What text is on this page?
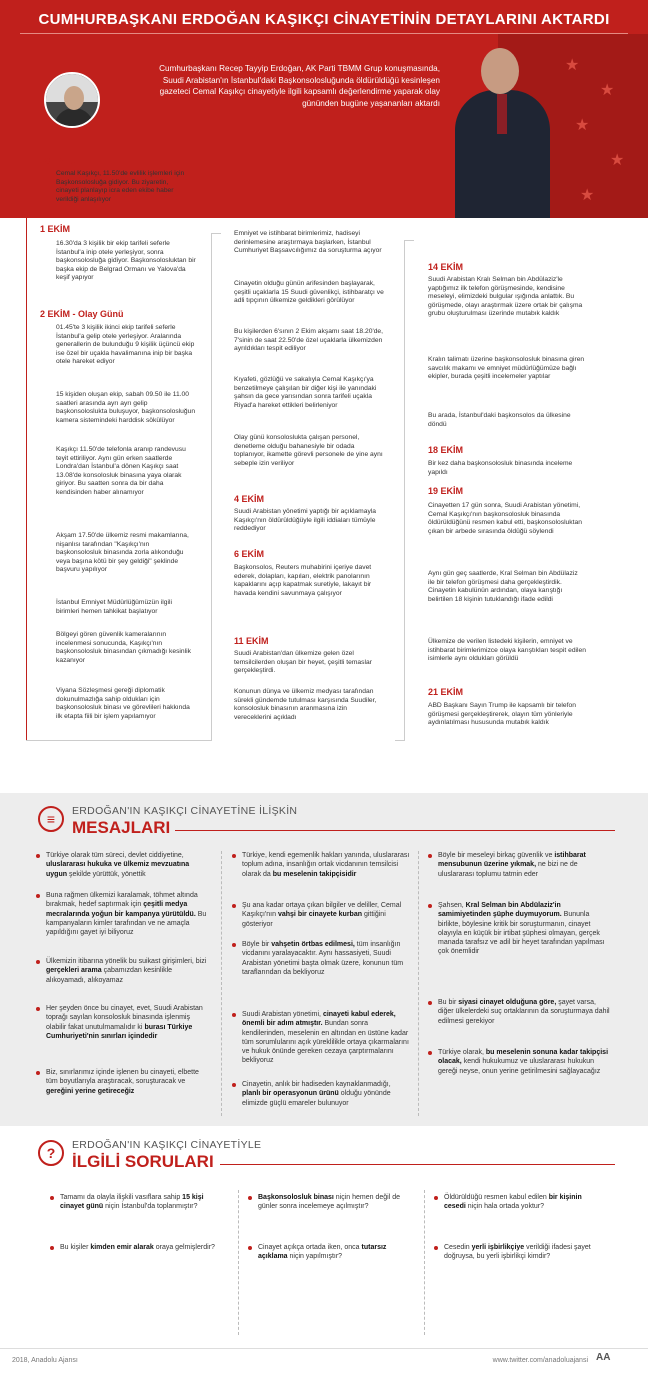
★
★
★
★
★
CUMHURBAŞKANI ERDOĞAN KAŞIKÇI CİNAYETİNİN DETAYLARINI AKTARDI
Cumhurbaşkanı Recep Tayyip Erdoğan, AK Parti TBMM Grup konuşmasında, Suudi Arabistan'ın İstanbul'daki Başkonsolosluğunda öldürüldüğü kesinleşen gazeteci Cemal Kaşıkçı cinayetiyle ilgili kapsamlı değerlendirme yaparak olay gününden bugüne yaşananları aktardı
28 EYLÜL
Cemal Kaşıkçı, 11.50'de evlilik işlemleri için Başkonsolosluğa gidiyor. Bu ziyaretin, cinayeti planlayıp icra eden ekibe haber verildiği anlaşılıyor
1 EKİM
16.30'da 3 kişilik bir ekip tarifeli seferle İstanbul'a inip otele yerleşiyor, sonra başkonsolosluğa gidiyor. Başkonsolosluktan bir başka ekip de Belgrad Ormanı ve Yalova'da keşif yapıyor
2 EKİM - Olay Günü
01.45'te 3 kişilik ikinci ekip tarifeli seferle İstanbul'a gelip otele yerleşiyor. Aralarında generallerin de bulunduğu 9 kişilik üçüncü ekip ise özel bir uçakla havalimanına inip bir başka otele hareket ediyor
15 kişiden oluşan ekip, sabah 09.50 ile 11.00 saatleri arasında ayrı ayrı gelip başkonsoloslukta buluşuyor, başkonsolosluğun kamera sistemindeki harddisk sökülüyor
Kaşıkçı 11.50'de telefonla aranıp randevusu teyit ettiriliyor. Aynı gün erken saatlerde Londra'dan İstanbul'a dönen Kaşıkçı saat 13.08'de konsolosluk binasına yaya olarak giriyor. Bu saatten sonra da bir daha kendisinden haber alınamıyor
Akşam 17.50'de ülkemiz resmi makamlarına, nişanlısı tarafından "Kaşıkçı'nın başkonsolosluk binasında zorla alıkonduğu veya başına kötü bir şey geldiği" şeklinde başvuru yapılıyor
İstanbul Emniyet Müdürlüğümüzün ilgili birimleri hemen tahkikat başlatıyor
Bölgeyi gören güvenlik kameralarının incelenmesi sonucunda, Kaşıkçı'nın başkonsolosluk binasından çıkmadığı kesinlik kazanıyor
Viyana Sözleşmesi gereği diplomatik dokunulmazlığa sahip oldukları için başkonsolosluk binası ve görevlileri hakkında ilk etapta fiili bir işlem yapılamıyor
Emniyet ve istihbarat birimlerimiz, hadiseyi derinlemesine araştırmaya başlarken, İstanbul Cumhuriyet Başsavcılığımız da soruşturma açıyor
Cinayetin olduğu günün arifesinden başlayarak, çeşitli uçaklarla 15 Suudi güvenlikçi, istihbaratçı ve adli tıpçının ülkemize geldikleri görülüyor
Bu kişilerden 6'sının 2 Ekim akşamı saat 18.20'de, 7'sinin de saat 22.50'de özel uçaklarla ülkemizden ayrıldıkları tespit ediliyor
Kıyafeti, gözlüğü ve sakalıyla Cemal Kaşıkçı'ya benzetilmeye çalışılan bir diğer kişi ile yanındaki şahsın da gece yarısından sonra tarifeli uçakla Riyad'a hareket ettikleri belirleniyor
Olay günü konsoloslukta çalışan personel, denetleme olduğu bahanesiyle bir odada toplanıyor, ikamette görevli personele de yine aynı sebeple izin veriliyor
4 EKİM
Suudi Arabistan yönetimi yaptığı bir açıklamayla Kaşıkçı'nın öldürüldüğüyle ilgili iddiaları tümüyle reddediyor
6 EKİM
Başkonsolos, Reuters muhabirini içeriye davet ederek, dolapları, kapıları, elektrik panolarının kapaklarını açıp kapatmak suretiyle, lakayıt bir havada kendini savunmaya çalışıyor
11 EKİM
Suudi Arabistan'dan ülkemize gelen özel temsilcilerden oluşan bir heyet, çeşitli temaslar gerçekleştirdi.
Konunun dünya ve ülkemiz medyası tarafından sürekli gündemde tutulması karşısında Suudiler, konsolosluk binasının aranmasına izin vereceklerini açıkladı
14 EKİM
Suudi Arabistan Kralı Selman bin Abdülaziz'le yaptığımız ilk telefon görüşmesinde, kendisine meseleyi, elimizdeki bulgular ışığında anlattık. Bu görüşmede, olayı araştırmak üzere ortak bir çalışma grubu oluşturulması üzerinde mutabık kaldık
Kralın talimatı üzerine başkonsolosluk binasına giren savcılık makamı ve emniyet müdürlüğümüze bağlı ekipler, burada çeşitli incelemeler yaptılar
Bu arada, İstanbul'daki başkonsolos da ülkesine döndü
18 EKİM
Bir kez daha başkonsolosluk binasında inceleme yapıldı
19 EKİM
Cinayetten 17 gün sonra, Suudi Arabistan yönetimi, Cemal Kaşıkçı'nın başkonsolosluk binasında öldürüldüğünü resmen kabul etti, başkonsolosluktan çıkan bir arbede sırasında öldüğü söylendi
Aynı gün geç saatlerde, Kral Selman bin Abdülaziz ile bir telefon görüşmesi daha gerçekleştirdik. Cinayetin kabulünün ardından, olaya karıştığı belirtilen 18 kişinin tutuklandığı ifade edildi
Ülkemize de verilen listedeki kişilerin, emniyet ve istihbarat birimlerimizce olaya karıştıkları tespit edilen isimlerle aynı oldukları görüldü
21 EKİM
ABD Başkanı Sayın Trump ile kapsamlı bir telefon görüşmesi gerçekleştirerek, olayın tüm yönleriyle aydınlatılması hususunda mutabık kaldık
≡	ERDOĞAN'IN KAŞIKÇI CİNAYETİNE İLİŞKİN
MESAJLARI
Türkiye olarak tüm süreci, devlet ciddiyetine, uluslararası hukuka ve ülkemiz mevzuatına uygun şekilde yürüttük, yönettik
Buna rağmen ülkemizi karalamak, töhmet altında bırakmak, hedef saptırmak için çeşitli medya mecralarında yoğun bir kampanya yürütüldü. Bu kampanyaların kimler tarafından ve ne amaçla yapıldığını gayet iyi biliyoruz
Ülkemizin itibarına yönelik bu suikast girişimleri, bizi gerçekleri arama çabamızdan kesinlikle alıkoyamadı, alıkoyamaz
Her şeyden önce bu cinayet, evet, Suudi Arabistan toprağı sayılan konsolosluk binasında işlenmiş olabilir fakat unutulmamalıdır ki burası Türkiye Cumhuriyeti'nin sınırları içindedir
Biz, sınırlarımız içinde işlenen bu cinayeti, elbette tüm boyutlarıyla araştıracak, soruşturacak ve gereğini yerine getireceğiz
Türkiye, kendi egemenlik hakları yanında, uluslararası toplum adına, insanlığın ortak vicdanının temsilcisi olarak da bu meselenin takipçisidir
Şu ana kadar ortaya çıkan bilgiler ve deliller, Cemal Kaşıkçı'nın vahşi bir cinayete kurban gittiğini gösteriyor
Böyle bir vahşetin örtbas edilmesi, tüm insanlığın vicdanını yaralayacaktır. Aynı hassasiyeti, Suudi Arabistan yönetimi başta olmak üzere, konunun tüm taraflarından da bekliyoruz
Suudi Arabistan yönetimi, cinayeti kabul ederek, önemli bir adım atmıştır. Bundan sonra kendilerinden, meselenin en altından en üstüne kadar tüm sorumlularını açık yüreklilikle ortaya çıkarmalarını ve hukuk önünde gereken cezaya çarptırmalarını bekliyoruz
Cinayetin, anlık bir hadiseden kaynaklanmadığı, planlı bir operasyonun ürünü olduğu yönünde elimizde güçlü emareler bulunuyor
Böyle bir meseleyi birkaç güvenlik ve istihbarat mensubunun üzerine yıkmak, ne bizi ne de uluslararası toplumu tatmin eder
Şahsen, Kral Selman bin Abdülaziz'in samimiyetinden şüphe duymuyorum. Bununla birlikte, böylesine kritik bir soruşturmanın, cinayet olayıyla en küçük bir irtibat şüphesi olmayan, gerçek manada tarafsız ve adil bir heyet tarafından yapılması çok önemlidir
Bu bir siyasi cinayet olduğuna göre, şayet varsa, diğer ülkelerdeki suç ortaklarının da soruşturmaya dahil edilmesi gerekiyor
Türkiye olarak, bu meselenin sonuna kadar takipçisi olacak, kendi hukukumuz ve uluslararası hukukun gereği neyse, onun yerine getirilmesini sağlayacağız
?	ERDOĞAN'IN KAŞIKÇI CİNAYETİYLE
İLGİLİ SORULARI
Tamamı da olayla ilişkili vasıflara sahip 15 kişi cinayet günü niçin İstanbul'da toplanmıştır?
Bu kişiler kimden emir alarak oraya gelmişlerdir?
Başkonsolosluk binası niçin hemen değil de günler sonra incelemeye açılmıştır?
Cinayet açıkça ortada iken, onca tutarsız açıklama niçin yapılmıştır?
Öldürüldüğü resmen kabul edilen bir kişinin cesedi niçin hala ortada yoktur?
Cesedin yerli işbirlikçiye verildiği ifadesi şayet doğruysa, bu yerli işbirlikçi kimdir?
2018, Anadolu Ajansı	www.twitter.com/anadoluajansi AA
